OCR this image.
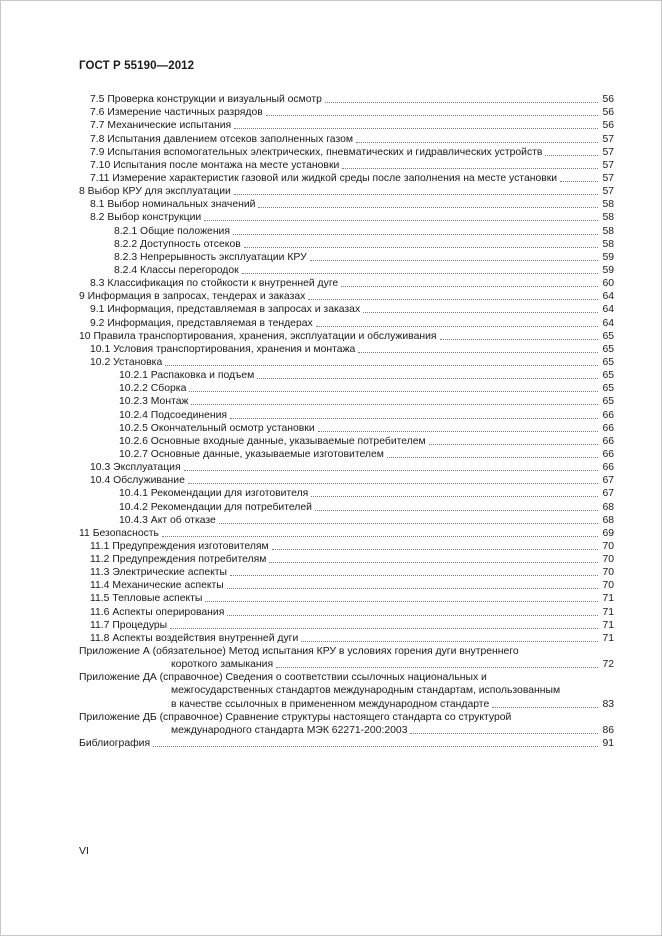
ГОСТ Р 55190—2012
7.5 Проверка конструкции и визуальный осмотр	56
7.6 Измерение частичных разрядов	56
7.7 Механические испытания	56
7.8 Испытания давлением отсеков заполненных газом	57
7.9 Испытания вспомогательных электрических, пневматических и гидравлических устройств	57
7.10 Испытания после монтажа на месте установки	57
7.11 Измерение характеристик газовой или жидкой среды после заполнения на месте установки	57
8 Выбор КРУ для эксплуатации	57
8.1 Выбор номинальных значений	58
8.2 Выбор конструкции	58
8.2.1 Общие положения	58
8.2.2 Доступность отсеков	58
8.2.3 Непрерывность эксплуатации КРУ	59
8.2.4 Классы перегородок	59
8.3 Классификация по стойкости к внутренней дуге	60
9 Информация в запросах, тендерах и заказах	64
9.1 Информация, представляемая в запросах и заказах	64
9.2 Информация, представляемая в тендерах	64
10 Правила транспортирования, хранения, эксплуатации и обслуживания	65
10.1 Условия транспортирования, хранения и монтажа	65
10.2 Установка	65
10.2.1 Распаковка и подъем	65
10.2.2 Сборка	65
10.2.3 Монтаж	65
10.2.4 Подсоединения	66
10.2.5 Окончательный осмотр установки	66
10.2.6 Основные входные данные, указываемые потребителем	66
10.2.7 Основные данные, указываемые изготовителем	66
10.3 Эксплуатация	66
10.4 Обслуживание	67
10.4.1 Рекомендации для изготовителя	67
10.4.2 Рекомендации для потребителей	68
10.4.3 Акт об отказе	68
11 Безопасность	69
11.1 Предупреждения изготовителям	70
11.2 Предупреждения потребителям	70
11.3 Электрические аспекты	70
11.4 Механические аспекты	70
11.5 Тепловые аспекты	71
11.6 Аспекты оперирования	71
11.7 Процедуры	71
11.8 Аспекты воздействия внутренней дуги	71
Приложение А (обязательное) Метод испытания КРУ в условиях горения дуги внутреннего
короткого замыкания	72
Приложение ДА (справочное) Сведения о соответствии ссылочных национальных и
межгосударственных стандартов международным стандартам, использованным
в качестве ссылочных в примененном международном стандарте	83
Приложение ДБ (справочное) Сравнение структуры настоящего стандарта со структурой
международного стандарта МЭК 62271-200:2003	86
Библиография	91
VI
